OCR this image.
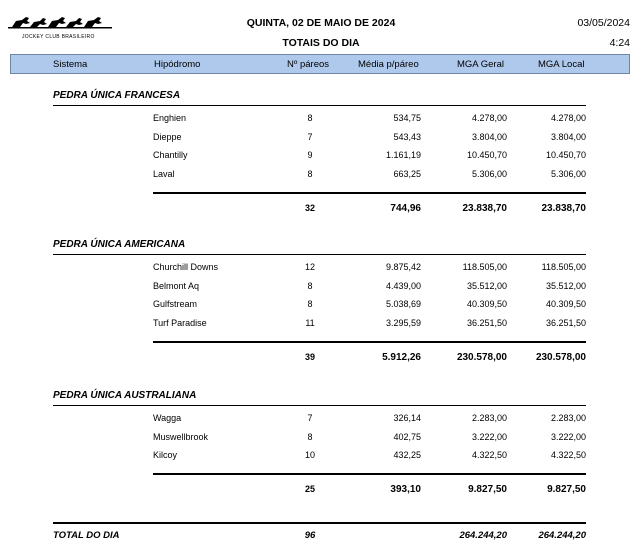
JOCKEY CLUB BRASILEIRO
QUINTA, 02 DE MAIO DE 2024
TOTAIS DO DIA
03/05/2024
4:24
Sistema	Hipódromo	Nº páreos	Média p/páreo	MGA Geral	MGA Local
PEDRA ÚNICA FRANCESA
Enghien	8	534,75	4.278,00	4.278,00
Dieppe	7	543,43	3.804,00	3.804,00
Chantilly	9	1.161,19	10.450,70	10.450,70
Laval	8	663,25	5.306,00	5.306,00
32	744,96	23.838,70	23.838,70
PEDRA ÚNICA AMERICANA
Churchill Downs	12	9.875,42	118.505,00	118.505,00
Belmont Aq	8	4.439,00	35.512,00	35.512,00
Gulfstream	8	5.038,69	40.309,50	40.309,50
Turf Paradise	11	3.295,59	36.251,50	36.251,50
39	5.912,26	230.578,00	230.578,00
PEDRA ÚNICA AUSTRALIANA
Wagga	7	326,14	2.283,00	2.283,00
Muswellbrook	8	402,75	3.222,00	3.222,00
Kilcoy	10	432,25	4.322,50	4.322,50
25	393,10	9.827,50	9.827,50
TOTAL DO DIA	96	264.244,20	264.244,20
